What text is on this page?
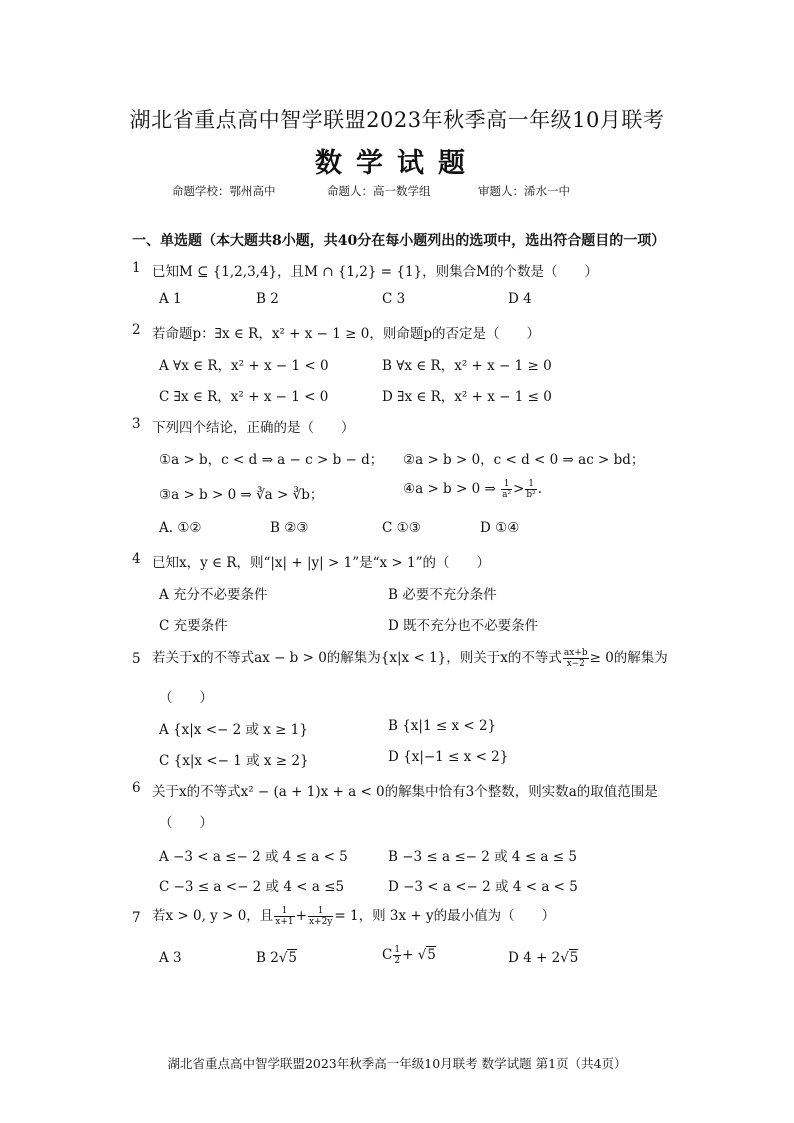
湖北省重点高中智学联盟2023年秋季高一年级10月联考
数学试题
命题学校：鄂州高中	命题人：高一数学组	审题人：浠水一中
一、单选题（本大题共8小题，共40分在每小题列出的选项中，选出符合题目的一项）
1 已知M ⊆ {1,2,3,4}，且M ∩ {1,2} = {1}，则集合M的个数是（　　）
A 1	B 2	C 3	D 4
2 若命题p：∃x ∈ R，x² + x − 1 ≥ 0，则命题p的否定是（　　）
A ∀x ∈ R，x² + x − 1 < 0	B ∀x ∈ R，x² + x − 1 ≥ 0
C ∃x ∈ R，x² + x − 1 < 0	D ∃x ∈ R，x² + x − 1 ≤ 0
3 下列四个结论，正确的是（　　）
①a > b，c < d ⇒ a − c > b − d； ②a > b > 0，c < d < 0 ⇒ ac > bd；
③a > b > 0 ⇒ ∛a > ∛b；	④a > b > 0 ⇒ $\frac{1}{\text{a²}} > \frac{1}{\text{b²}}$ .
A. ①②	B ②③	C ①③	D ①④
4 已知x，y ∈ R，则“|x| + |y| > 1”是“x > 1”的（　　）
A 充分不必要条件	B 必要不充分条件
C 充要条件	D 既不充分也不必要条件
5 若关于x的不等式ax − b > 0的解集为{x|x < 1}，则关于x的不等式 $\frac{ax+b}{x-2} \ge 0$的解集为
（　　）
A {x|x <− 2 或 x ≥ 1}	B {x|1 ≤ x < 2}
C {x|x <− 1 或 x ≥ 2}	D {x|−1 ≤ x < 2}
6 关于x的不等式x² − (a + 1)x + a < 0的解集中恰有3个整数，则实数a的取值范围是
（　　）
A −3 < a ≤− 2 或 4 ≤ a < 5	B −3 ≤ a ≤− 2 或 4 ≤ a ≤ 5
C −3 ≤ a <− 2 或 4 < a ≤5	D −3 < a <− 2 或 4 < a < 5
7 若x > 0, y > 0，且 $\frac{1}{x+1} + \frac{1}{x+2y} = 1$，则 3x + y的最小值为（　　）
A 3	B 2√5	C $\frac{1}{2} + √5$	D 4 + 2√5
湖北省重点高中智学联盟2023年秋季高一年级10月联考 数学试题 第1页（共4页）
